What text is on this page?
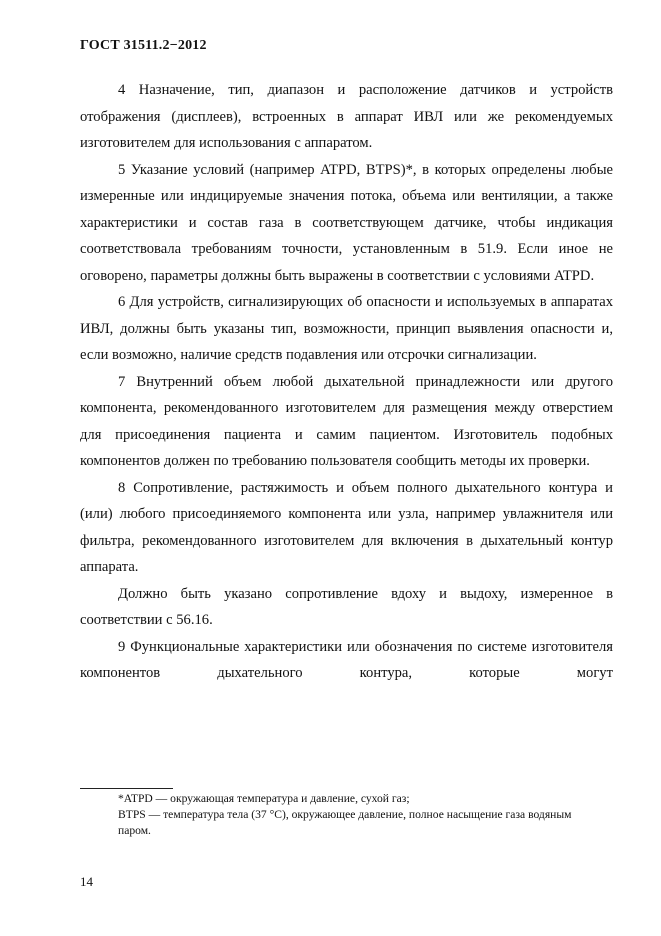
ГОСТ 31511.2−2012

4 Назначение, тип, диапазон и расположение датчиков и устройств отображения (дисплеев), встроенных в аппарат ИВЛ или же рекомендуемых изготовителем для использования с аппаратом.

5 Указание условий (например ATPD, BTPS)*, в которых определены любые измеренные или индицируемые значения потока, объема или вентиляции, а также характеристики и состав газа в соответствующем датчике, чтобы индикация соответствовала требованиям точности, установленным в 51.9. Если иное не оговорено, параметры должны быть выражены в соответствии с условиями ATPD.

6 Для устройств, сигнализирующих об опасности и используемых в аппаратах ИВЛ, должны быть указаны тип, возможности, принцип выявления опасности и, если возможно, наличие средств подавления или отсрочки сигнализации.

7 Внутренний объем любой дыхательной принадлежности или другого компонента, рекомендованного изготовителем для размещения между отверстием для присоединения пациента и самим пациентом. Изготовитель подобных компонентов должен по требованию пользователя сообщить методы их проверки.

8 Сопротивление, растяжимость и объем полного дыхательного контура и (или) любого присоединяемого компонента или узла, например увлажнителя или фильтра, рекомендованного изготовителем для включения в дыхательный контур аппарата.

Должно быть указано сопротивление вдоху и выдоху, измеренное в соответствии с 56.16.

9 Функциональные характеристики или обозначения по системе изготовителя компонентов дыхательного контура, которые могут

*ATPD — окружающая температура и давление, сухой газ;

BTPS — температура тела (37 °С), окружающее давление, полное насыщение газа водяным паром.

14
